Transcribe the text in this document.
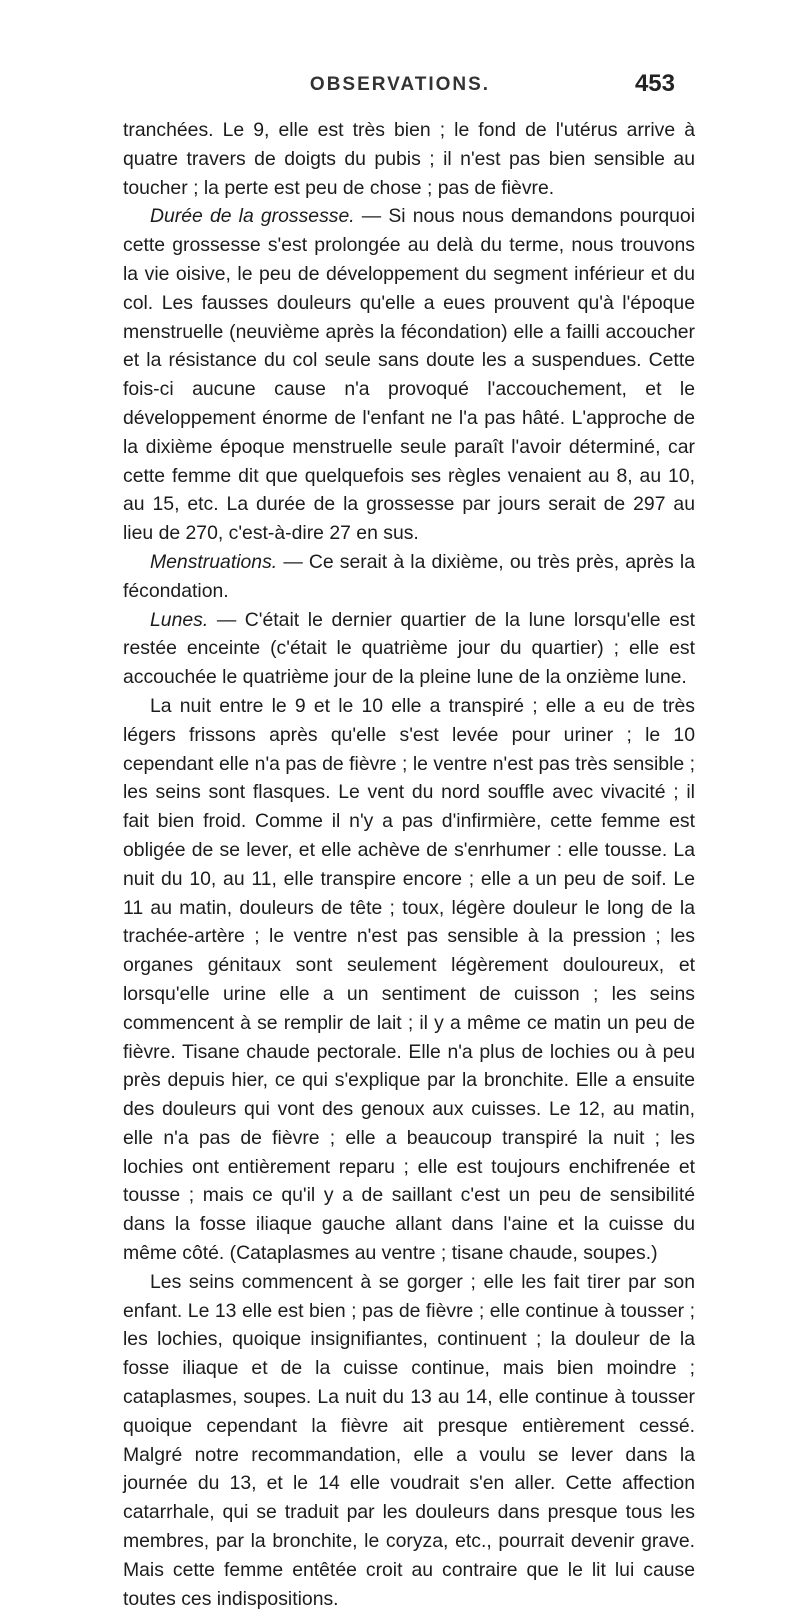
OBSERVATIONS.	453

tranchées. Le 9, elle est très bien ; le fond de l'utérus arrive à quatre travers de doigts du pubis ; il n'est pas bien sensible au toucher ; la perte est peu de chose ; pas de fièvre.

Durée de la grossesse. — Si nous nous demandons pourquoi cette grossesse s'est prolongée au delà du terme, nous trouvons la vie oisive, le peu de développement du segment inférieur et du col. Les fausses douleurs qu'elle a eues prouvent qu'à l'époque menstruelle (neuvième après la fécondation) elle a failli accoucher et la résistance du col seule sans doute les a suspendues. Cette fois-ci aucune cause n'a provoqué l'accouchement, et le développement énorme de l'enfant ne l'a pas hâté. L'approche de la dixième époque menstruelle seule paraît l'avoir déterminé, car cette femme dit que quelquefois ses règles venaient au 8, au 10, au 15, etc. La durée de la grossesse par jours serait de 297 au lieu de 270, c'est-à-dire 27 en sus.

Menstruations. — Ce serait à la dixième, ou très près, après la fécondation.

Lunes. — C'était le dernier quartier de la lune lorsqu'elle est restée enceinte (c'était le quatrième jour du quartier) ; elle est accouchée le quatrième jour de la pleine lune de la onzième lune.

La nuit entre le 9 et le 10 elle a transpiré ; elle a eu de très légers frissons après qu'elle s'est levée pour uriner ; le 10 cependant elle n'a pas de fièvre ; le ventre n'est pas très sensible ; les seins sont flasques. Le vent du nord souffle avec vivacité ; il fait bien froid. Comme il n'y a pas d'infirmière, cette femme est obligée de se lever, et elle achève de s'enrhumer : elle tousse. La nuit du 10, au 11, elle transpire encore ; elle a un peu de soif. Le 11 au matin, douleurs de tête ; toux, légère douleur le long de la trachée-artère ; le ventre n'est pas sensible à la pression ; les organes génitaux sont seulement légèrement douloureux, et lorsqu'elle urine elle a un sentiment de cuisson ; les seins commencent à se remplir de lait ; il y a même ce matin un peu de fièvre. Tisane chaude pectorale. Elle n'a plus de lochies ou à peu près depuis hier, ce qui s'explique par la bronchite. Elle a ensuite des douleurs qui vont des genoux aux cuisses. Le 12, au matin, elle n'a pas de fièvre ; elle a beaucoup transpiré la nuit ; les lochies ont entièrement reparu ; elle est toujours enchifrenée et tousse ; mais ce qu'il y a de saillant c'est un peu de sensibilité dans la fosse iliaque gauche allant dans l'aine et la cuisse du même côté. (Cataplasmes au ventre ; tisane chaude, soupes.)

Les seins commencent à se gorger ; elle les fait tirer par son enfant. Le 13 elle est bien ; pas de fièvre ; elle continue à tousser ; les lochies, quoique insignifiantes, continuent ; la douleur de la fosse iliaque et de la cuisse continue, mais bien moindre ; cataplasmes, soupes. La nuit du 13 au 14, elle continue à tousser quoique cependant la fièvre ait presque entièrement cessé. Malgré notre recommandation, elle a voulu se lever dans la journée du 13, et le 14 elle voudrait s'en aller. Cette affection catarrhale, qui se traduit par les douleurs dans presque tous les membres, par la bronchite, le coryza, etc., pourrait devenir grave. Mais cette femme entêtée croit au contraire que le lit lui cause toutes ces indispositions.
